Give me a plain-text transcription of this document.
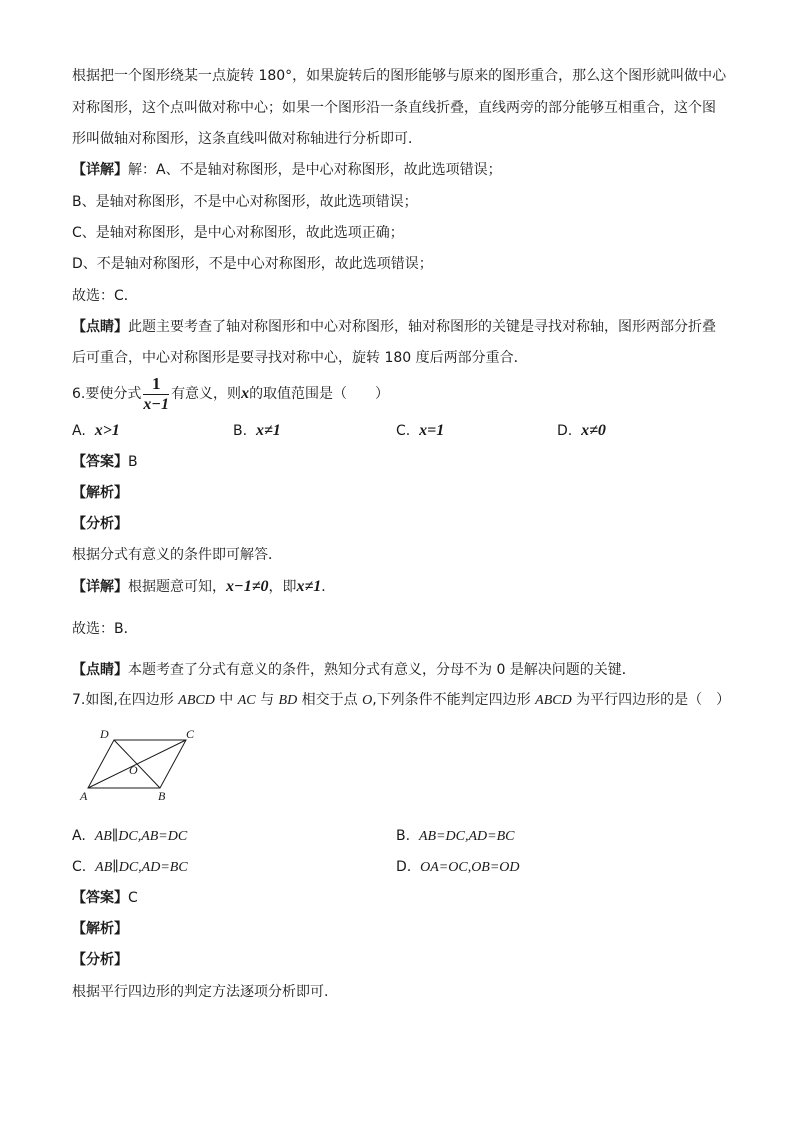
根据把一个图形绕某一点旋转 180°，如果旋转后的图形能够与原来的图形重合，那么这个图形就叫做中心
对称图形，这个点叫做对称中心；如果一个图形沿一条直线折叠，直线两旁的部分能够互相重合，这个图
形叫做轴对称图形，这条直线叫做对称轴进行分析即可．
【详解】解：A、不是轴对称图形，是中心对称图形，故此选项错误；
B、是轴对称图形，不是中心对称图形，故此选项错误；
C、是轴对称图形，是中心对称图形，故此选项正确；
D、不是轴对称图形，不是中心对称图形，故此选项错误；
故选：C．
【点睛】此题主要考查了轴对称图形和中心对称图形，轴对称图形的关键是寻找对称轴，图形两部分折叠
后可重合，中心对称图形是要寻找对称中心，旋转 180 度后两部分重合．
6.要使分式 $\frac{1}{x-1}$ 有意义，则x的取值范围是（　　）
A. x>1	B. x≠1	C. x=1	D. x≠0
【答案】B
【解析】
【分析】
根据分式有意义的条件即可解答．
【详解】根据题意可知，x−1≠0，即x≠1．
故选：B．
【点睛】本题考查了分式有意义的条件，熟知分式有意义，分母不为 0 是解决问题的关键．
7.如图,在四边形 ABCD 中 AC 与 BD 相交于点 O,下列条件不能判定四边形 ABCD 为平行四边形的是（　）
A	B
C
D
O
A. AB∥DC,AB=DC	B. AB=DC,AD=BC
C. AB∥DC,AD=BC	D. OA=OC,OB=OD
【答案】C
【解析】
【分析】
根据平行四边形的判定方法逐项分析即可.
